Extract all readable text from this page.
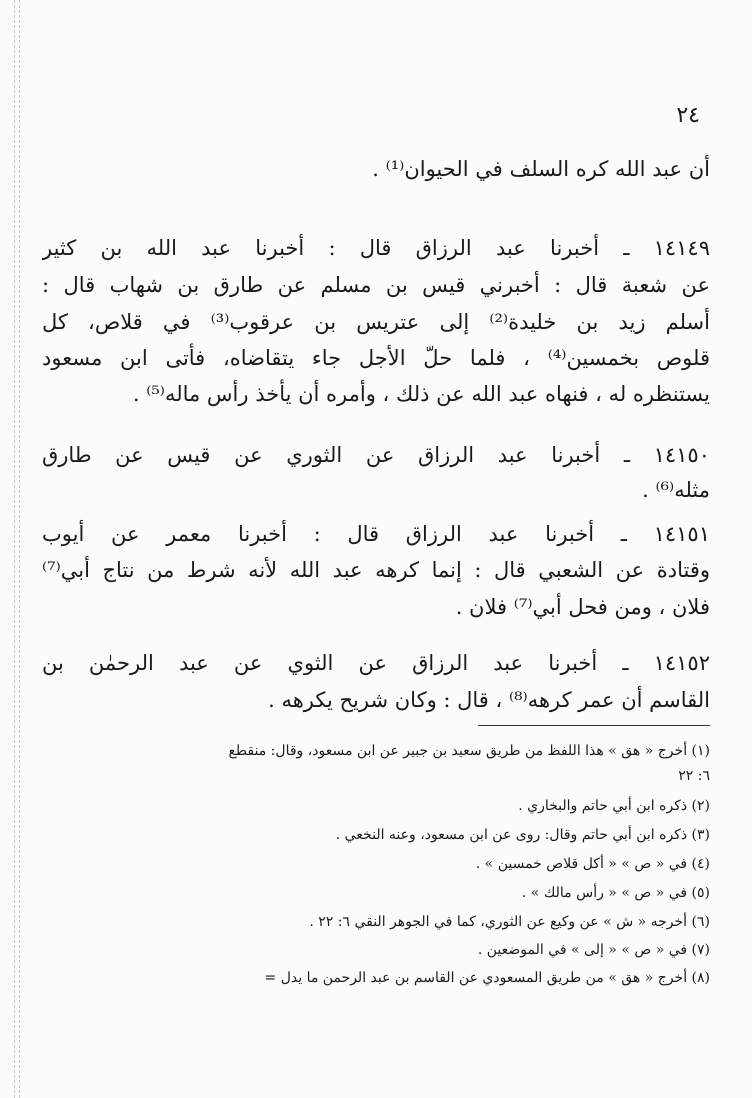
٢٤

أن عبد الله كره السلف في الحيوان⁽¹⁾ .

١٤١٤٩ ـ أخبرنا عبد الرزاق قال : أخبرنا عبد الله بن كثير

عن شعبة قال : أخبرني قيس بن مسلم عن طارق بن شهاب قال :

أسلم زيد بن خليدة⁽²⁾ إلى عتريس بن عرقوب⁽³⁾ في قلاص، كل

قلوص بخمسين⁽⁴⁾ ، فلما حلّ الأجل جاء يتقاضاه، فأتى ابن مسعود

يستنظره له ، فنهاه عبد الله عن ذلك ، وأمره أن يأخذ رأس ماله⁽⁵⁾ .

١٤١٥٠ ـ أخبرنا عبد الرزاق عن الثوري عن قيس عن طارق

مثله⁽⁶⁾ .

١٤١٥١ ـ أخبرنا عبد الرزاق قال : أخبرنا معمر عن أيوب

وقتادة عن الشعبي قال : إنما كرهه عبد الله لأنه شرط من نتاج أبي⁽⁷⁾

فلان ، ومن فحل أبي⁽⁷⁾ فلان .

١٤١٥٢ ـ أخبرنا عبد الرزاق عن الثوي عن عبد الرحمٰن بن

القاسم أن عمر كرهه⁽⁸⁾ ، قال : وكان شريح يكرهه .

(١) أخرج « هق » هذا اللفظ من طريق سعيد بن جبير عن ابن مسعود، وقال: منقطع

٦: ٢٢

(٢) ذكره ابن أبي حاتم والبخاري .

(٣) ذكره ابن أبي حاتم وقال: روى عن ابن مسعود، وعنه النخعي .

(٤) في « ص » « أكل قلاص خمسين » .

(٥) في « ص » « رأس مالك » .

(٦) أخرجه « ش » عن وكيع عن الثوري، كما في الجوهر النقي ٦: ٢٢ .

(٧) في « ص » « إلى » في الموضعين .

(٨) أخرج « هق » من طريق المسعودي عن القاسم بن عبد الرحمن ما يدل =
